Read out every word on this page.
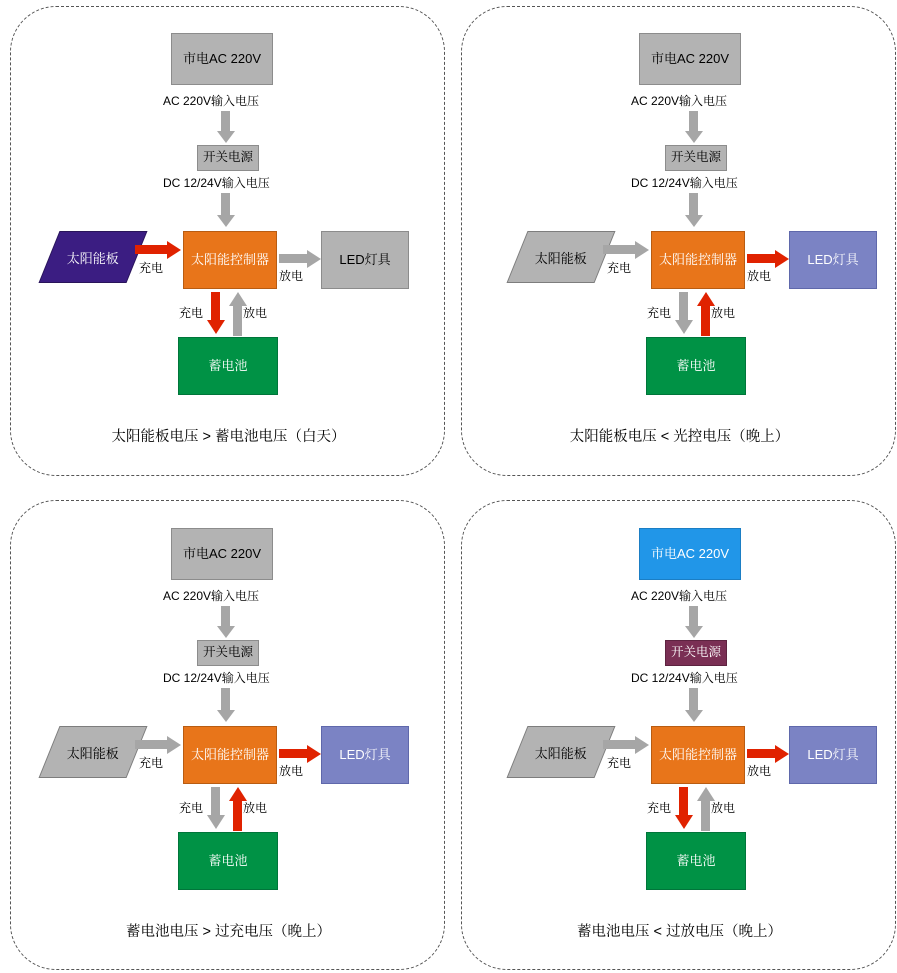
市电AC 220V
AC 220V输入电压
开关电源
DC 12/24V输入电压
太阳能板
充电
太阳能控制器
放电
LED灯具
充电	放电
蓄电池
太阳能板电压 > 蓄电池电压（白天）
市电AC 220V
AC 220V输入电压
开关电源
DC 12/24V输入电压
太阳能板
充电
太阳能控制器
放电
LED灯具
充电	放电
蓄电池
太阳能板电压 < 光控电压（晚上）
市电AC 220V
AC 220V输入电压
开关电源
DC 12/24V输入电压
太阳能板
充电
太阳能控制器
放电
LED灯具
充电	放电
蓄电池
蓄电池电压 > 过充电压（晚上）
市电AC 220V
AC 220V输入电压
开关电源
DC 12/24V输入电压
太阳能板
充电
太阳能控制器
放电
LED灯具
充电	放电
蓄电池
蓄电池电压 < 过放电压（晚上）
